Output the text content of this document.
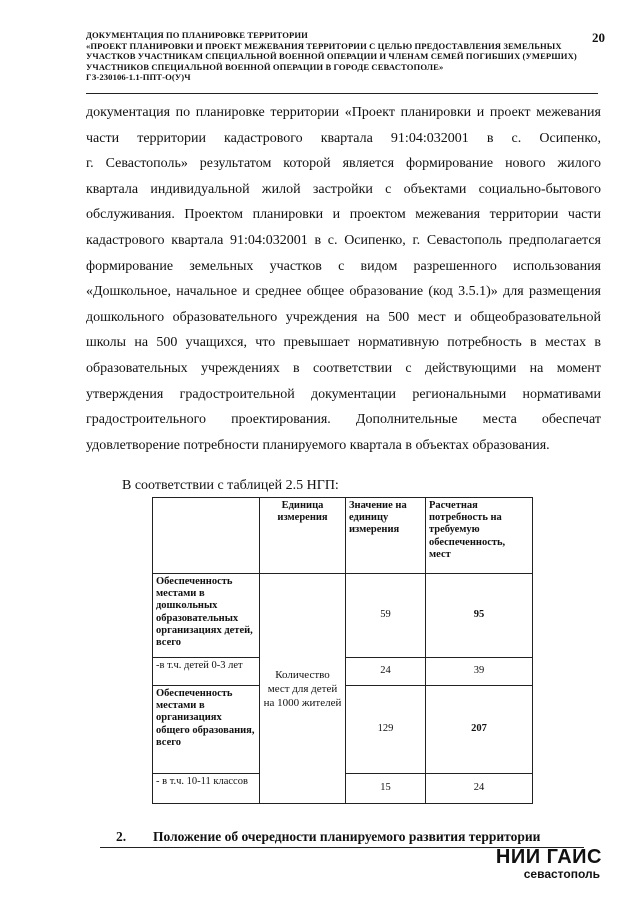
ДОКУМЕНТАЦИЯ ПО ПЛАНИРОВКЕ ТЕРРИТОРИИ
«ПРОЕКТ ПЛАНИРОВКИ И ПРОЕКТ МЕЖЕВАНИЯ ТЕРРИТОРИИ С ЦЕЛЬЮ ПРЕДОСТАВЛЕНИЯ ЗЕМЕЛЬНЫХ
УЧАСТКОВ УЧАСТНИКАМ СПЕЦИАЛЬНОЙ ВОЕННОЙ ОПЕРАЦИИ И ЧЛЕНАМ СЕМЕЙ ПОГИБШИХ (УМЕРШИХ)
УЧАСТНИКОВ СПЕЦИАЛЬНОЙ ВОЕННОЙ ОПЕРАЦИИ В ГОРОДЕ СЕВАСТОПОЛЕ»
ГЗ-230106-1.1-ППТ-О(У)Ч
20
документация по планировке территории «Проект планировки и проект межевания
части территории кадастрового квартала 91:04:032001 в с. Осипенко,
г. Севастополь» результатом которой является формирование нового жилого
квартала индивидуальной жилой застройки с объектами социально-бытового
обслуживания. Проектом планировки и проектом межевания территории части
кадастрового квартала 91:04:032001 в с. Осипенко, г. Севастополь предполагается
формирование земельных участков с видом разрешенного использования
«Дошкольное, начальное и среднее общее образование (код 3.5.1)» для размещения
дошкольного образовательного учреждения на 500 мест и общеобразовательной
школы на 500 учащихся, что превышает нормативную потребность в местах в
образовательных учреждениях в соответствии с действующими на момент
утверждения градостроительной документации региональными нормативами
градостроительного проектирования. Дополнительные места обеспечат
удовлетворение потребности планируемого квартала в объектах образования.
В соответствии с таблицей 2.5 НГП:
	Единица измерения	Значение на единицу измерения	Расчетная потребность на требуемую обеспеченность, мест
Обеспеченность местами в дошкольных образовательных организациях детей, всего	Количество мест для детей на 1000 жителей	59	95
-в т.ч. детей 0-3 лет		24	39
Обеспеченность местами в организациях общего образования, всего		129	207
- в т.ч. 10-11 классов		15	24
2. Положение об очередности планируемого развития территории
НИИ ГАИС
севастополь
